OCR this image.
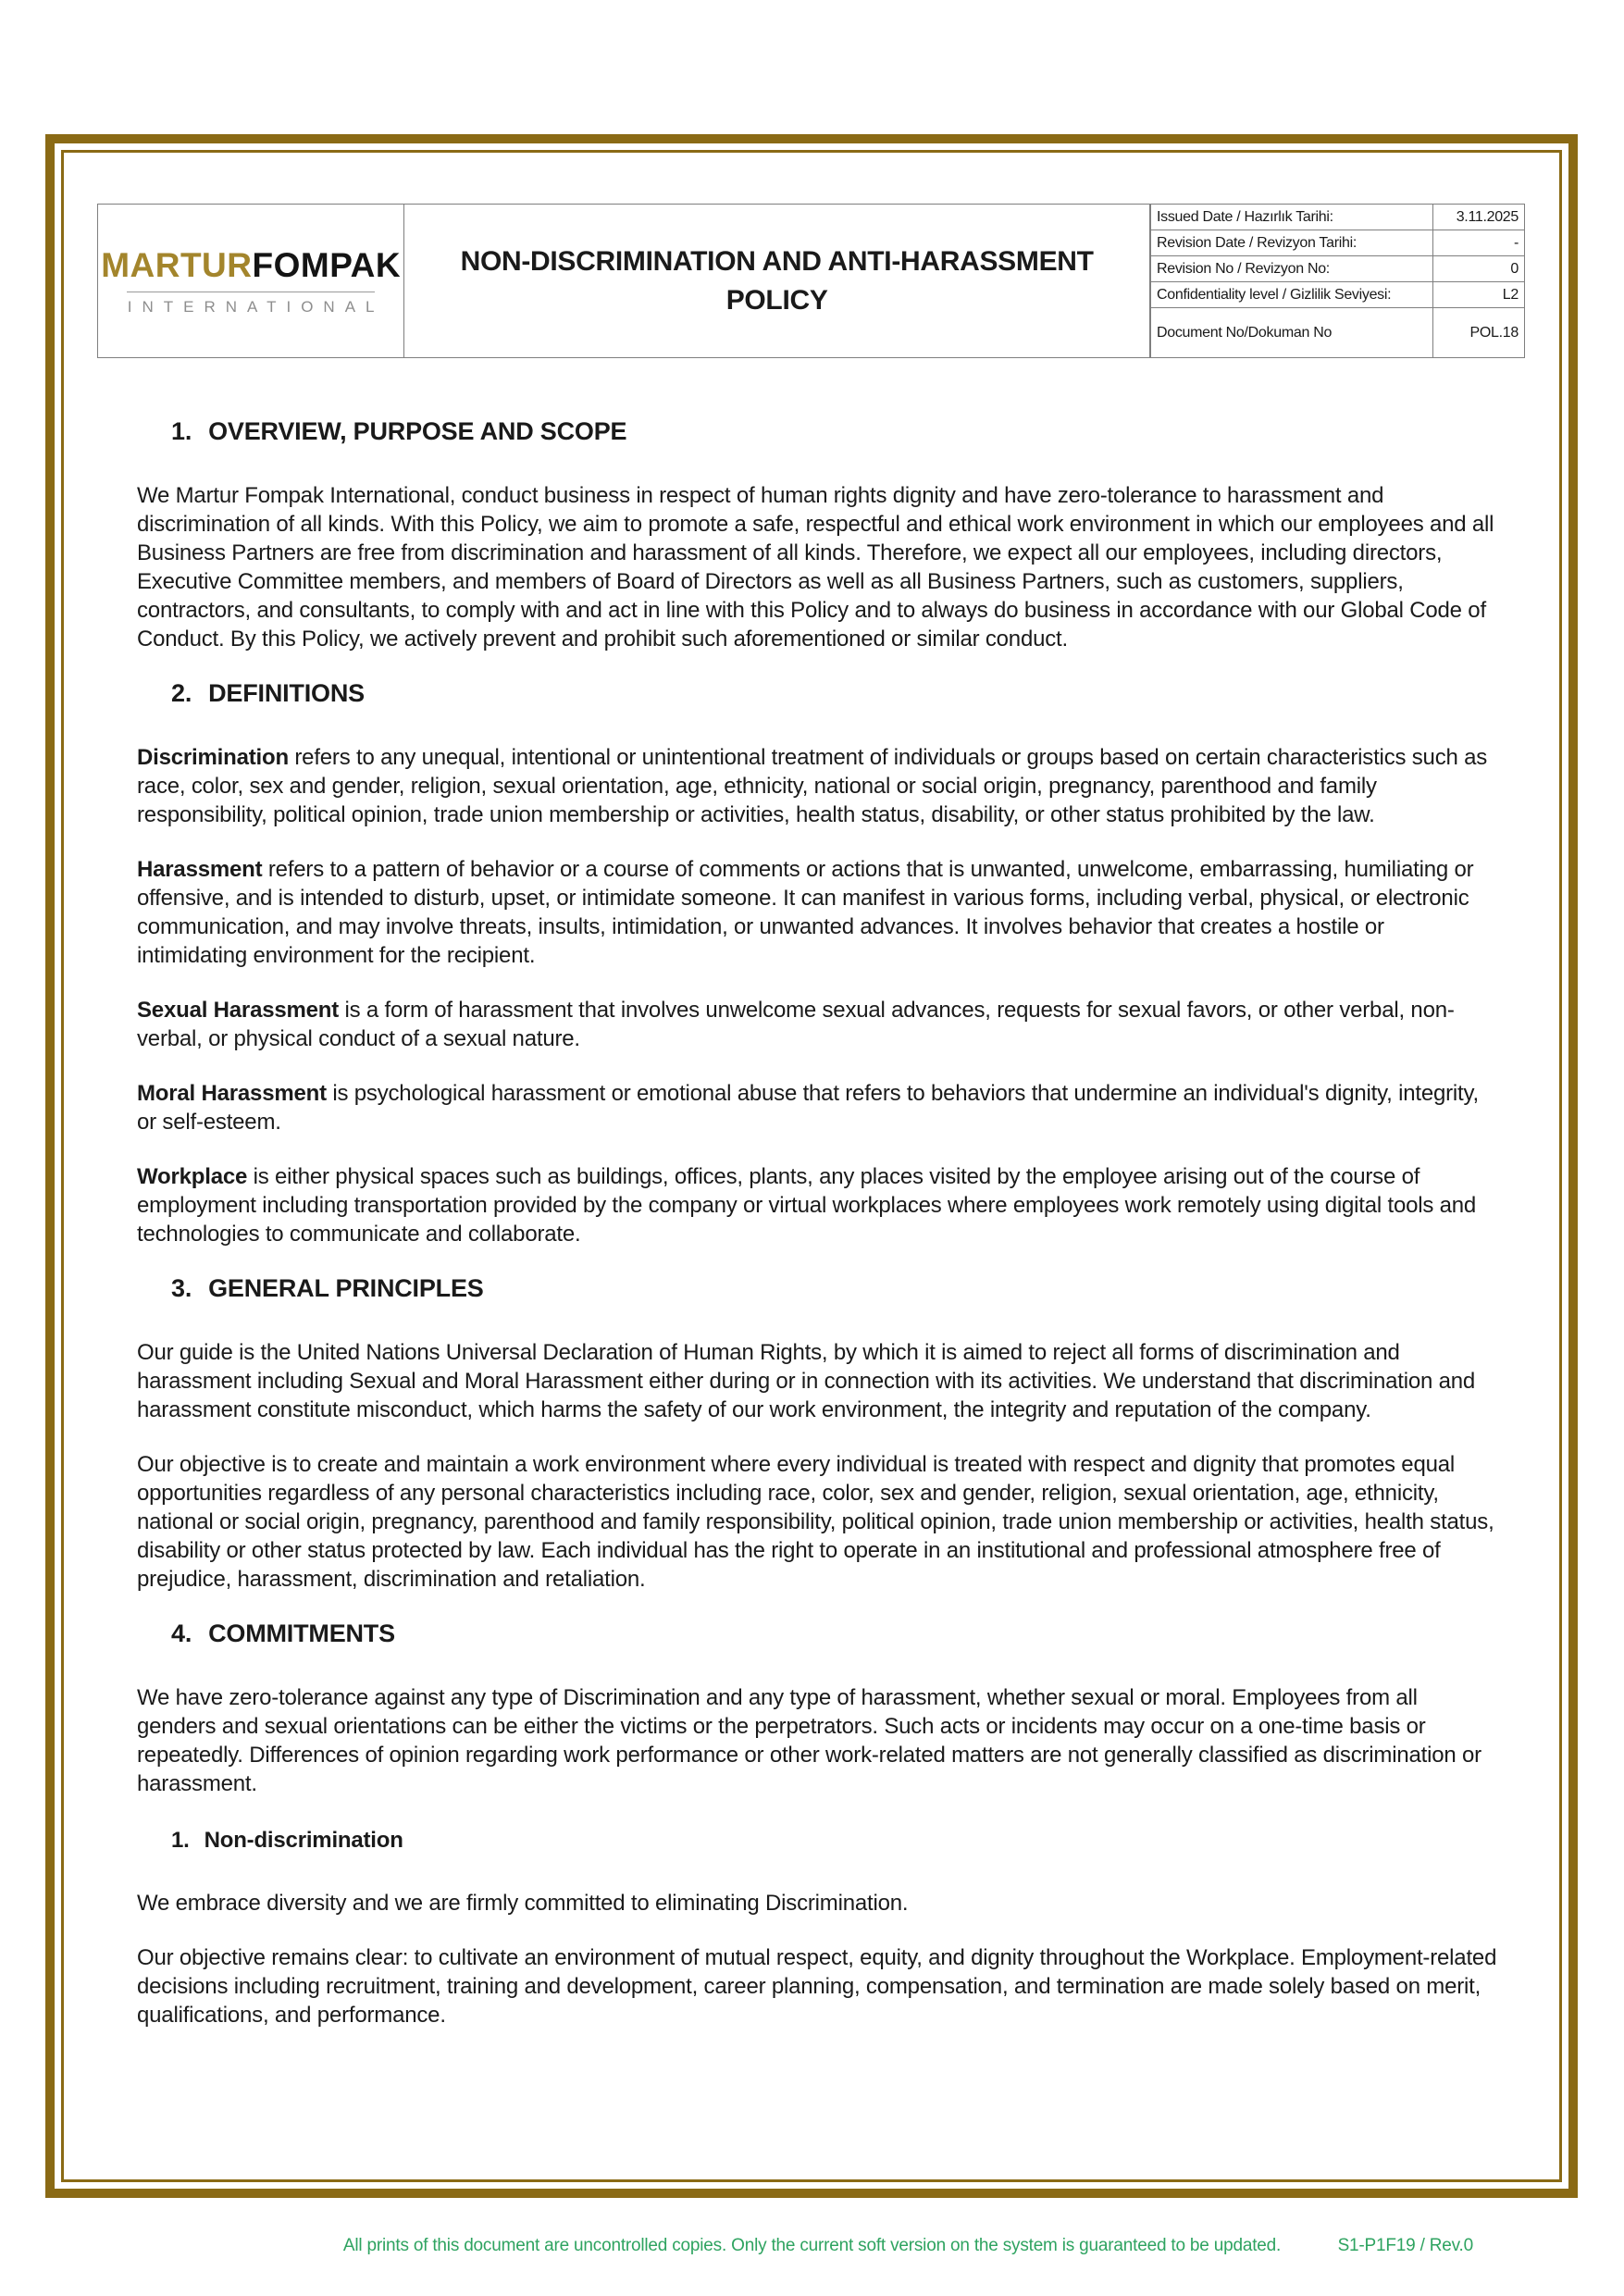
MARTURFOMPAK
INTERNATIONAL
NON-DISCRIMINATION AND ANTI-HARASSMENT POLICY
Issued Date / Hazırlık Tarihi:	3.11.2025
Revision Date / Revizyon Tarihi:	-
Revision No / Revizyon No:	0
Confidentiality level / Gizlilik Seviyesi:	L2
Document No/Dokuman No	POL.18
1. OVERVIEW, PURPOSE AND SCOPE

We Martur Fompak International, conduct business in respect of human rights dignity and have zero-tolerance to harassment and discrimination of all kinds. With this Policy, we aim to promote a safe, respectful and ethical work environment in which our employees and all Business Partners are free from discrimination and harassment of all kinds. Therefore, we expect all our employees, including directors, Executive Committee members, and members of Board of Directors as well as all Business Partners, such as customers, suppliers, contractors, and consultants, to comply with and act in line with this Policy and to always do business in accordance with our Global Code of Conduct. By this Policy, we actively prevent and prohibit such aforementioned or similar conduct.

2. DEFINITIONS

Discrimination refers to any unequal, intentional or unintentional treatment of individuals or groups based on certain characteristics such as race, color, sex and gender, religion, sexual orientation, age, ethnicity, national or social origin, pregnancy, parenthood and family responsibility, political opinion, trade union membership or activities, health status, disability, or other status prohibited by the law.

Harassment refers to a pattern of behavior or a course of comments or actions that is unwanted, unwelcome, embarrassing, humiliating or offensive, and is intended to disturb, upset, or intimidate someone. It can manifest in various forms, including verbal, physical, or electronic communication, and may involve threats, insults, intimidation, or unwanted advances. It involves behavior that creates a hostile or intimidating environment for the recipient.

Sexual Harassment is a form of harassment that involves unwelcome sexual advances, requests for sexual favors, or other verbal, non-verbal, or physical conduct of a sexual nature.

Moral Harassment is psychological harassment or emotional abuse that refers to behaviors that undermine an individual's dignity, integrity, or self-esteem.

Workplace is either physical spaces such as buildings, offices, plants, any places visited by the employee arising out of the course of employment including transportation provided by the company or virtual workplaces where employees work remotely using digital tools and technologies to communicate and collaborate.

3. GENERAL PRINCIPLES

Our guide is the United Nations Universal Declaration of Human Rights, by which it is aimed to reject all forms of discrimination and harassment including Sexual and Moral Harassment either during or in connection with its activities. We understand that discrimination and harassment constitute misconduct, which harms the safety of our work environment, the integrity and reputation of the company.

Our objective is to create and maintain a work environment where every individual is treated with respect and dignity that promotes equal opportunities regardless of any personal characteristics including race, color, sex and gender, religion, sexual orientation, age, ethnicity, national or social origin, pregnancy, parenthood and family responsibility, political opinion, trade union membership or activities, health status, disability or other status protected by law. Each individual has the right to operate in an institutional and professional atmosphere free of prejudice, harassment, discrimination and retaliation.

4. COMMITMENTS

We have zero-tolerance against any type of Discrimination and any type of harassment, whether sexual or moral. Employees from all genders and sexual orientations can be either the victims or the perpetrators. Such acts or incidents may occur on a one-time basis or repeatedly. Differences of opinion regarding work performance or other work-related matters are not generally classified as discrimination or harassment.

1. Non-discrimination

We embrace diversity and we are firmly committed to eliminating Discrimination.

Our objective remains clear: to cultivate an environment of mutual respect, equity, and dignity throughout the Workplace. Employment-related decisions including recruitment, training and development, career planning, compensation, and termination are made solely based on merit, qualifications, and performance.

All prints of this document are uncontrolled copies. Only the current soft version on the system is guaranteed to be updated.	S1-P1F19 / Rev.0
